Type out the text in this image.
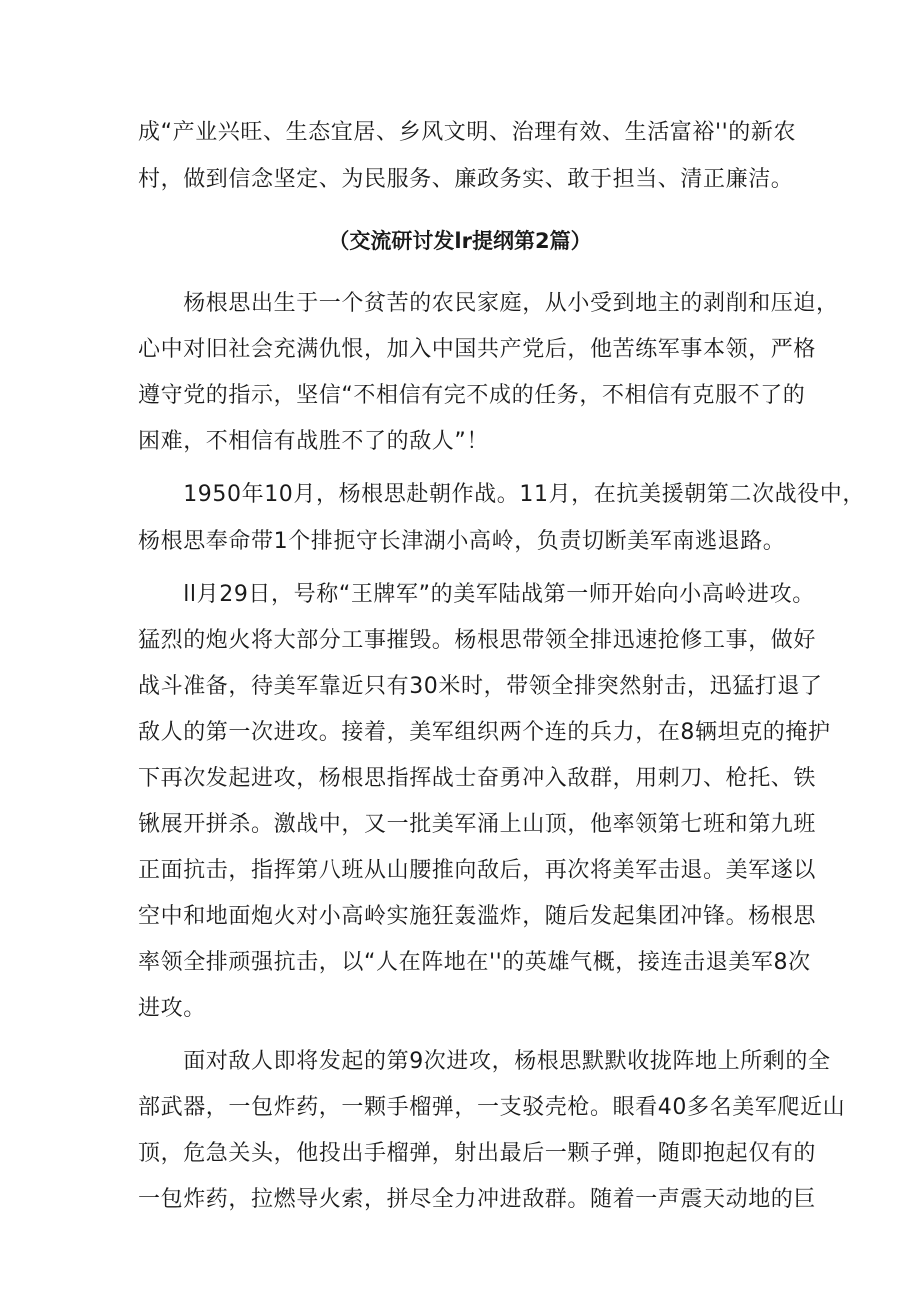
成“产业兴旺、生态宜居、乡风文明、治理有效、生活富裕''的新农
村，做到信念坚定、为民服务、廉政务实、敢于担当、清正廉洁。
（交流研讨发lr提纲第2篇）
　　杨根思出生于一个贫苦的农民家庭，从小受到地主的剥削和压迫，
心中对旧社会充满仇恨，加入中国共产党后，他苦练军事本领，严格
遵守党的指示，坚信“不相信有完不成的任务，不相信有克服不了的
困难，不相信有战胜不了的敌人”！
　　1950年10月，杨根思赴朝作战。11月，在抗美援朝第二次战役中，
杨根思奉命带1个排扼守长津湖小高岭，负责切断美军南逃退路。
　　ll月29日，号称“王牌军”的美军陆战第一师开始向小高岭进攻。
猛烈的炮火将大部分工事摧毁。杨根思带领全排迅速抢修工事，做好
战斗准备，待美军靠近只有30米时，带领全排突然射击，迅猛打退了
敌人的第一次进攻。接着，美军组织两个连的兵力，在8辆坦克的掩护
下再次发起进攻，杨根思指挥战士奋勇冲入敌群，用刺刀、枪托、铁
锹展开拼杀。激战中，又一批美军涌上山顶，他率领第七班和第九班
正面抗击，指挥第八班从山腰推向敌后，再次将美军击退。美军遂以
空中和地面炮火对小高岭实施狂轰滥炸，随后发起集团冲锋。杨根思
率领全排顽强抗击，以“人在阵地在''的英雄气概，接连击退美军8次
进攻。
　　面对敌人即将发起的第9次进攻，杨根思默默收拢阵地上所剩的全
部武器，一包炸药，一颗手榴弹，一支驳壳枪。眼看40多名美军爬近山
顶，危急关头，他投出手榴弹，射出最后一颗子弹，随即抱起仅有的
一包炸药，拉燃导火索，拼尽全力冲进敌群。随着一声震天动地的巨
